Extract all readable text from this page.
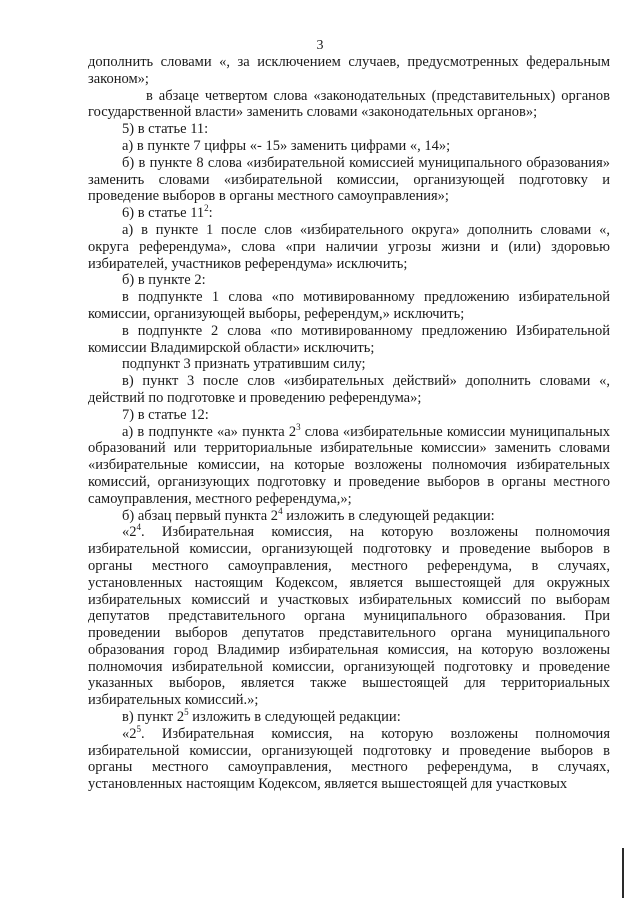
3

дополнить словами «, за исключением случаев, предусмотренных федеральным законом»;

в абзаце четвертом слова «законодательных (представительных) органов государственной власти» заменить словами «законодательных органов»;

5) в статье 11:

а) в пункте 7 цифры «- 15» заменить цифрами «, 14»;

б) в пункте 8 слова «избирательной комиссией муниципального образования» заменить словами «избирательной комиссии, организующей подготовку и проведение выборов в органы местного самоуправления»;

6) в статье $11^2$:

а) в пункте 1 после слов «избирательного округа» дополнить словами «, округа референдума», слова «при наличии угрозы жизни и (или) здоровью избирателей, участников референдума» исключить;

б) в пункте 2:

в подпункте 1 слова «по мотивированному предложению избирательной комиссии, организующей выборы, референдум,» исключить;

в подпункте 2 слова «по мотивированному предложению Избирательной комиссии Владимирской области» исключить;

подпункт 3 признать утратившим силу;

в) пункт 3 после слов «избирательных действий» дополнить словами «, действий по подготовке и проведению референдума»;

7) в статье 12:

а) в подпункте «а» пункта $2^3$ слова «избирательные комиссии муниципальных образований или территориальные избирательные комиссии» заменить словами «избирательные комиссии, на которые возложены полномочия избирательных комиссий, организующих подготовку и проведение выборов в органы местного самоуправления, местного референдума,»;

б) абзац первый пункта $2^4$ изложить в следующей редакции:

«$2^4$. Избирательная комиссия, на которую возложены полномочия избирательной комиссии, организующей подготовку и проведение выборов в органы местного самоуправления, местного референдума, в случаях, установленных настоящим Кодексом, является вышестоящей для окружных избирательных комиссий и участковых избирательных комиссий по выборам депутатов представительного органа муниципального образования. При проведении выборов депутатов представительного органа муниципального образования город Владимир избирательная комиссия, на которую возложены полномочия избирательной комиссии, организующей подготовку и проведение указанных выборов, является также вышестоящей для территориальных избирательных комиссий.»;

в) пункт $2^5$ изложить в следующей редакции:

«$2^5$. Избирательная комиссия, на которую возложены полномочия избирательной комиссии, организующей подготовку и проведение выборов в органы местного самоуправления, местного референдума, в случаях, установленных настоящим Кодексом, является вышестоящей для участковых
